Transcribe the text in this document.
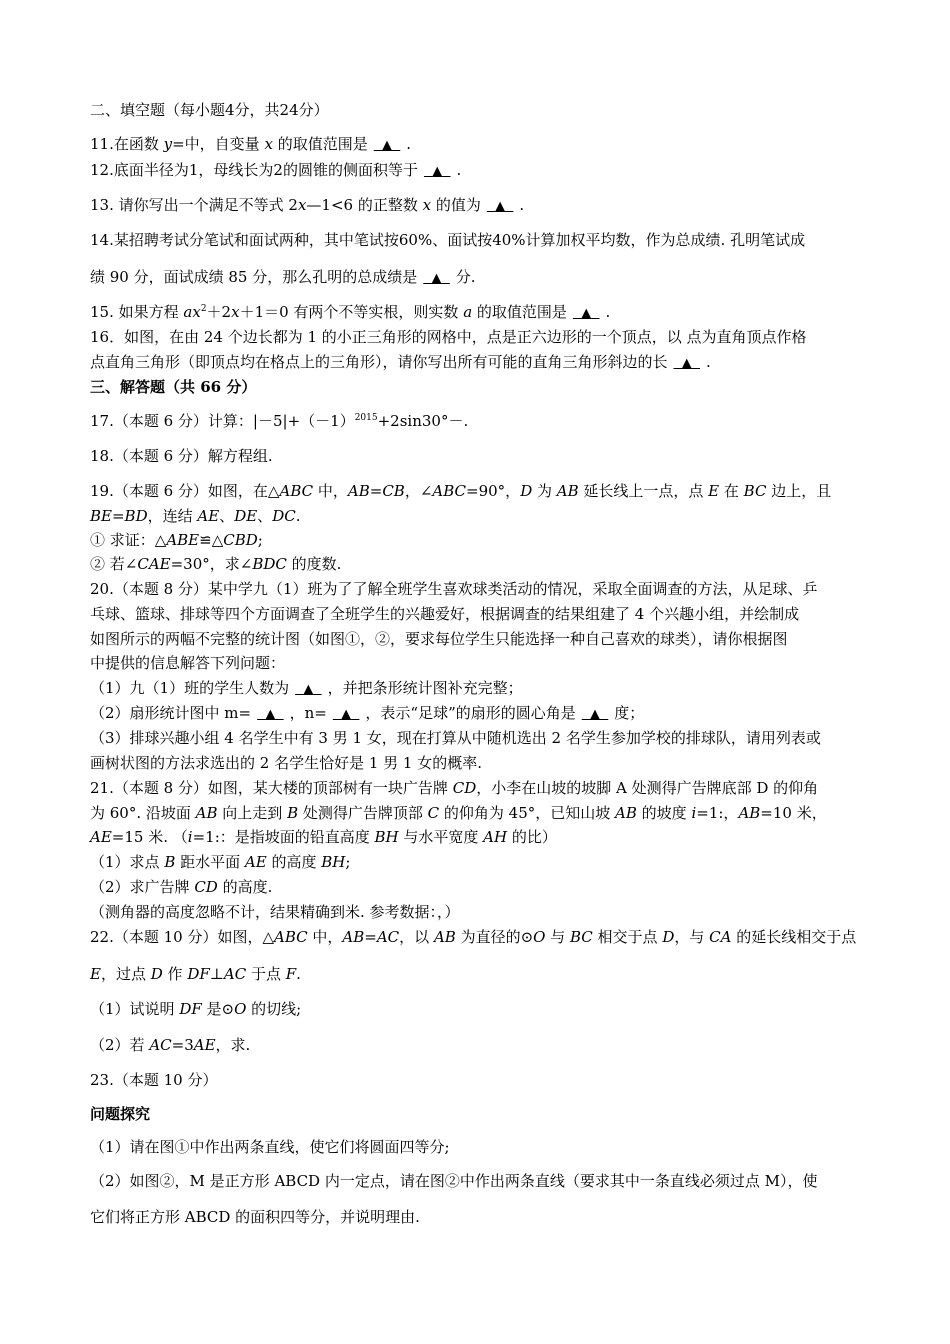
二、填空题（每小题4分，共24分）
11.在函数 y=中，自变量 x 的取值范围是 ▲ .
12.底面半径为1，母线长为2的圆锥的侧面积等于 ▲ .
13. 请你写出一个满足不等式 2x—1<6 的正整数 x 的值为 ▲ .
14.某招聘考试分笔试和面试两种，其中笔试按60%、面试按40%计算加权平均数，作为总成绩. 孔明笔试成
绩 90 分，面试成绩 85 分，那么孔明的总成绩是 ▲ 分.
15. 如果方程 $ax^2+2x+1=0$ 有两个不等实根，则实数 a 的取值范围是 ▲ .
16．如图，在由 24 个边长都为 1 的小正三角形的网格中，点是正六边形的一个顶点，以 点为直角顶点作格
点直角三角形（即顶点均在格点上的三角形），请你写出所有可能的直角三角形斜边的长 ▲ .
三、解答题（共 66 分）
17.（本题 6 分）计算：$|-5|+(-1)^{2015}+2\sin 30^\circ-$.
18.（本题 6 分）解方程组.
19.（本题 6 分）如图，在△ABC 中，AB=CB，∠ABC=90°，D 为 AB 延长线上一点，点 E 在 BC 边上，且
BE=BD，连结 AE、DE、DC.
① 求证：△ABE≌△CBD;
② 若∠CAE=30°，求∠BDC 的度数.
20.（本题 8 分）某中学九（1）班为了了解全班学生喜欢球类活动的情况，采取全面调查的方法，从足球、乒
乓球、篮球、排球等四个方面调查了全班学生的兴趣爱好，根据调查的结果组建了 4 个兴趣小组，并绘制成
如图所示的两幅不完整的统计图（如图①，②，要求每位学生只能选择一种自己喜欢的球类），请你根据图
中提供的信息解答下列问题：
（1）九（1）班的学生人数为 ▲ ，并把条形统计图补充完整；
（2）扇形统计图中 m= ▲ ，n= ▲ ，表示“足球”的扇形的圆心角是 ▲ 度；
（3）排球兴趣小组 4 名学生中有 3 男 1 女，现在打算从中随机选出 2 名学生参加学校的排球队，请用列表或
画树状图的方法求选出的 2 名学生恰好是 1 男 1 女的概率.
21.（本题 8 分）如图，某大楼的顶部树有一块广告牌 CD，小李在山坡的坡脚 A 处测得广告牌底部 D 的仰角
为 60°. 沿坡面 AB 向上走到 B 处测得广告牌顶部 C 的仰角为 45°，已知山坡 AB 的坡度 i=1:，AB=10 米，
AE=15 米. （i=1:：是指坡面的铅直高度 BH 与水平宽度 AH 的比）
（1）求点 B 距水平面 AE 的高度 BH;
（2）求广告牌 CD 的高度.
（测角器的高度忽略不计，结果精确到米. 参考数据：，）
22.（本题 10 分）如图，△ABC 中，AB=AC，以 AB 为直径的⊙O 与 BC 相交于点 D，与 CA 的延长线相交于点
E，过点 D 作 DF⊥AC 于点 F.
（1）试说明 DF 是⊙O 的切线;
（2）若 AC=3AE，求.
23.（本题 10 分）
问题探究
（1）请在图①中作出两条直线，使它们将圆面四等分;
（2）如图②，M 是正方形 ABCD 内一定点，请在图②中作出两条直线（要求其中一条直线必须过点 M），使
它们将正方形 ABCD 的面积四等分，并说明理由.
